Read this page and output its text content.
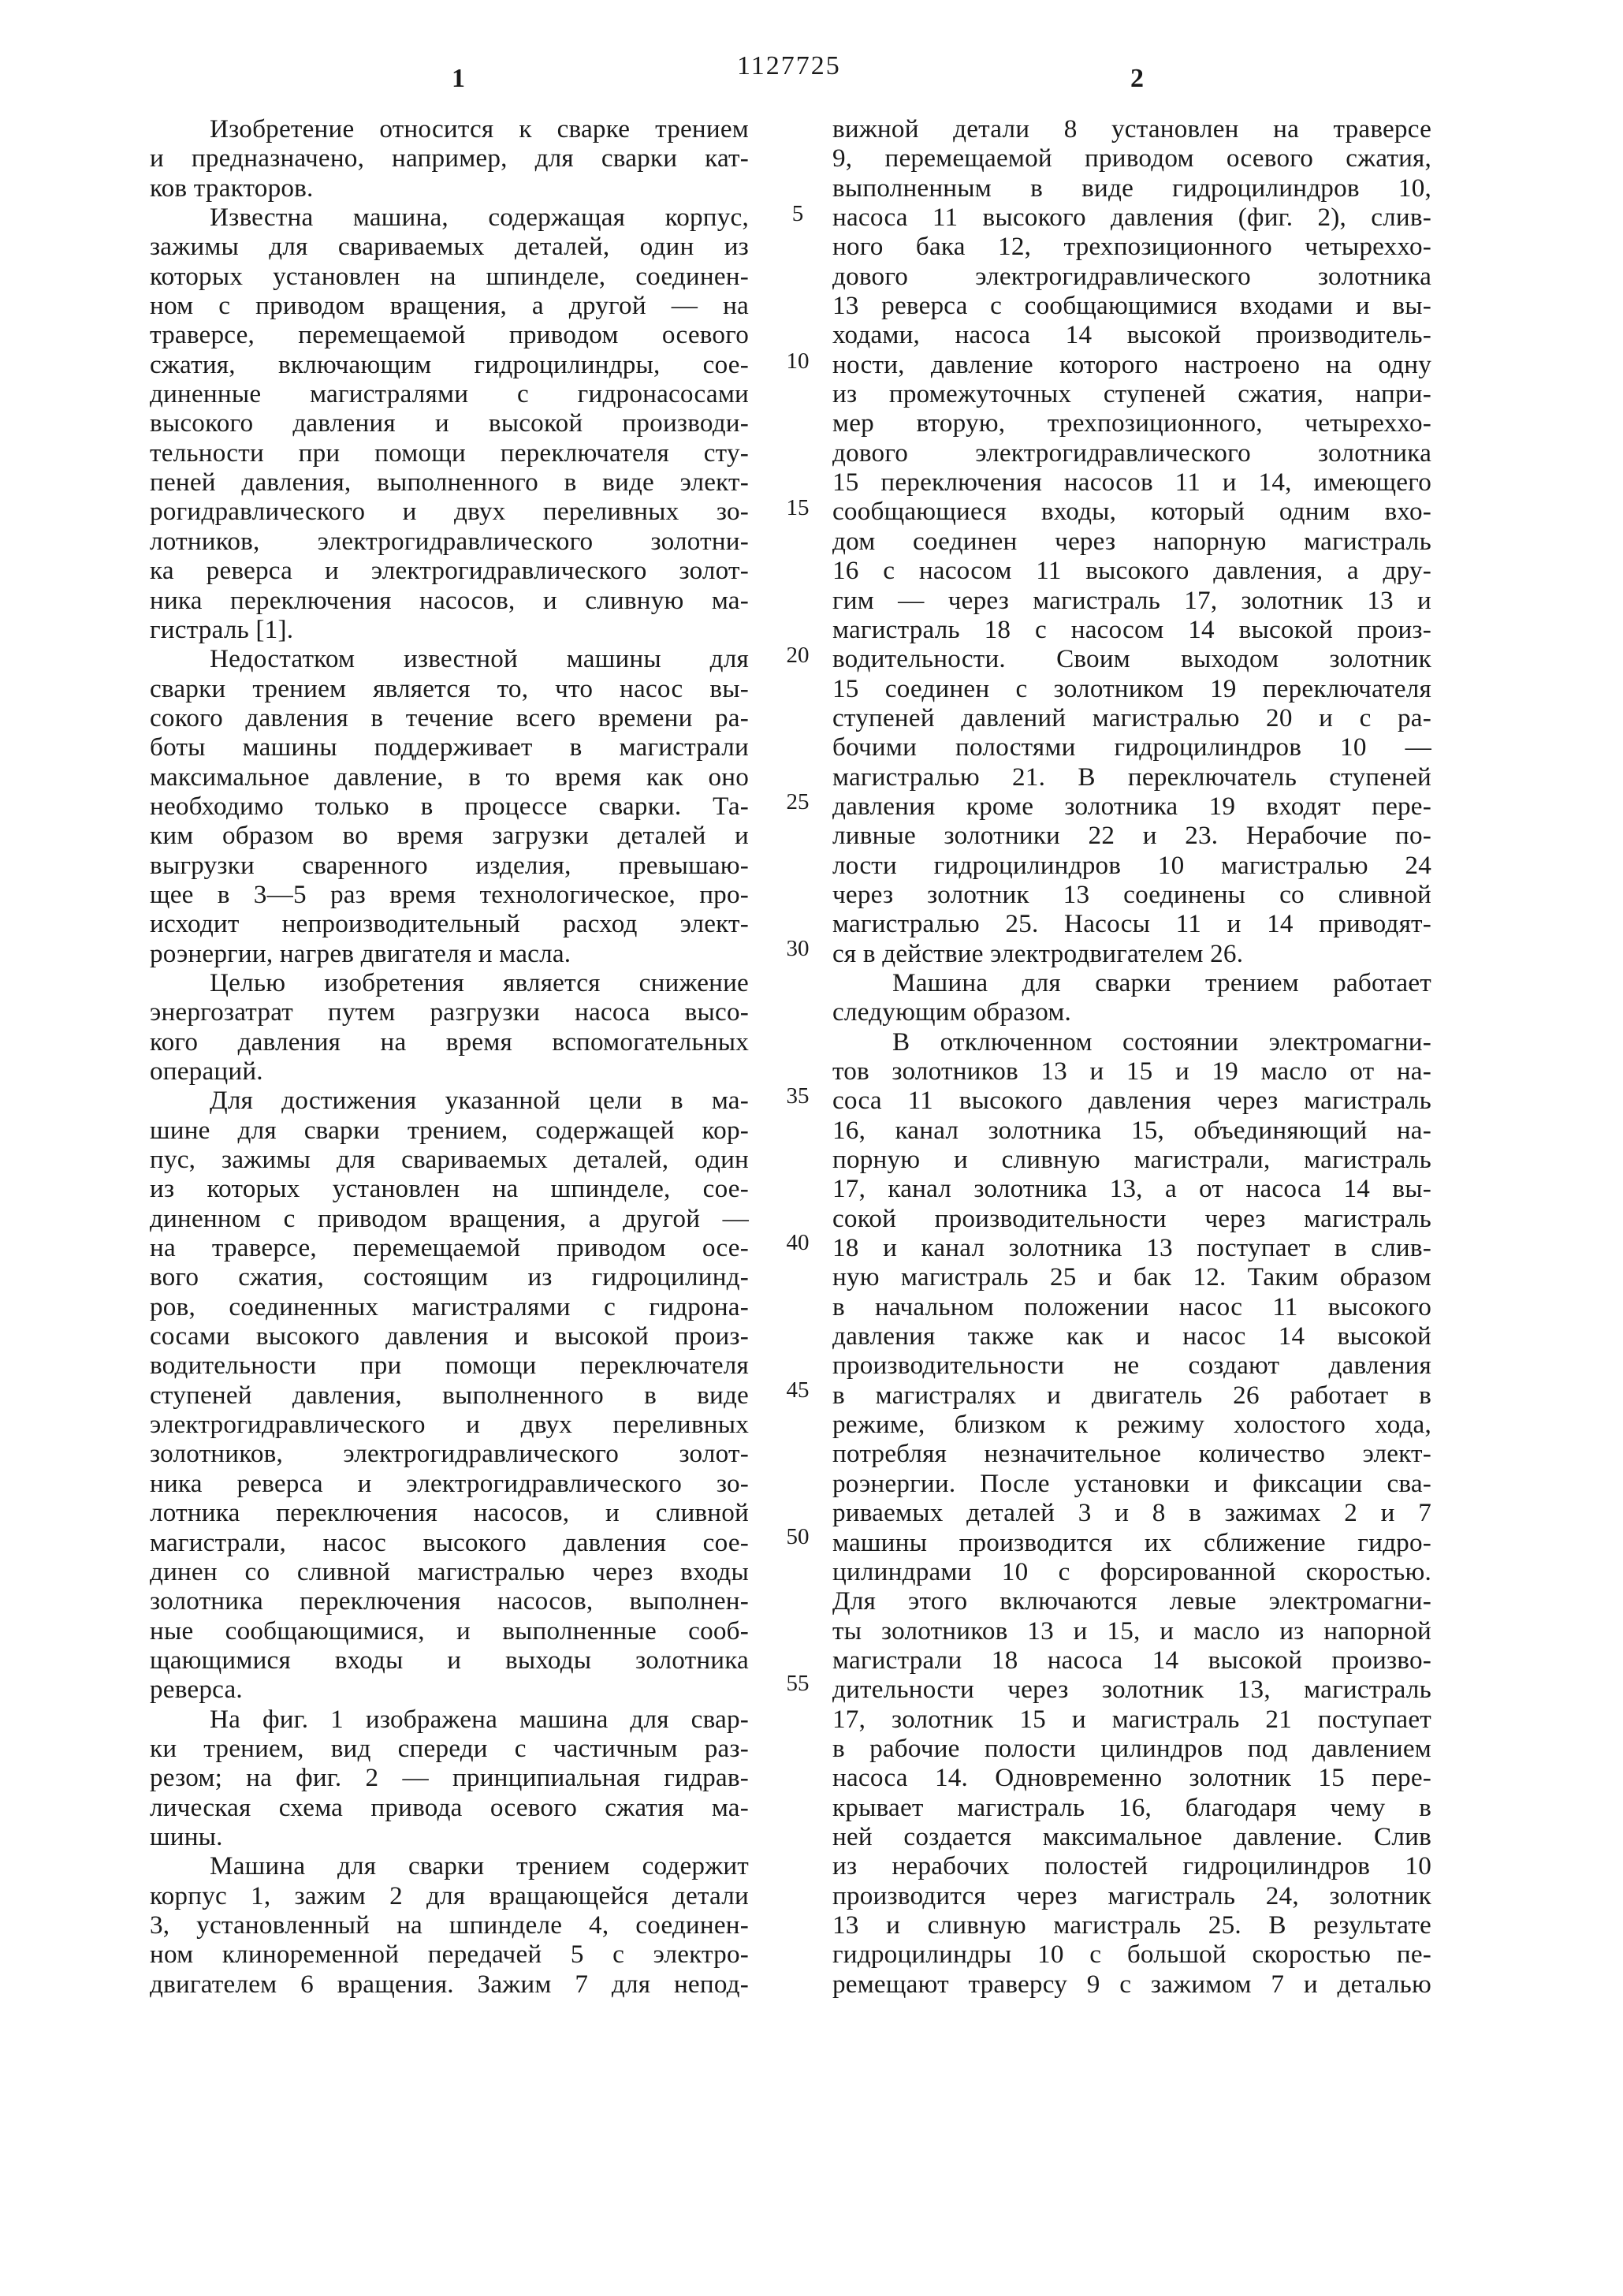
1	1127725	2
Изобретение относится к сварке трением
и предназначено, например, для сварки кат-
ков тракторов.
Известна машина, содержащая корпус,
зажимы для свариваемых деталей, один из
которых установлен на шпинделе, соединен-
ном с приводом вращения, а другой — на
траверсе, перемещаемой приводом осевого
сжатия, включающим гидроцилиндры, сое-
диненные магистралями с гидронасосами
высокого давления и высокой производи-
тельности при помощи переключателя сту-
пеней давления, выполненного в виде элект-
рогидравлического и двух переливных зо-
лотников, электрогидравлического золотни-
ка реверса и электрогидравлического золот-
ника переключения насосов, и сливную ма-
гистраль [1].
Недостатком известной машины для
сварки трением является то, что насос вы-
сокого давления в течение всего времени ра-
боты машины поддерживает в магистрали
максимальное давление, в то время как оно
необходимо только в процессе сварки. Та-
ким образом во время загрузки деталей и
выгрузки сваренного изделия, превышаю-
щее в 3—5 раз время технологическое, про-
исходит непроизводительный расход элект-
роэнергии, нагрев двигателя и масла.
Целью изобретения является снижение
энергозатрат путем разгрузки насоса высо-
кого давления на время вспомогательных
операций.
Для достижения указанной цели в ма-
шине для сварки трением, содержащей кор-
пус, зажимы для свариваемых деталей, один
из которых установлен на шпинделе, сое-
диненном с приводом вращения, а другой —
на траверсе, перемещаемой приводом осе-
вого сжатия, состоящим из гидроцилинд-
ров, соединенных магистралями с гидрона-
сосами высокого давления и высокой произ-
водительности при помощи переключателя
ступеней давления, выполненного в виде
электрогидравлического и двух переливных
золотников, электрогидравлического золот-
ника реверса и электрогидравлического зо-
лотника переключения насосов, и сливной
магистрали, насос высокого давления сое-
динен со сливной магистралью через входы
золотника переключения насосов, выполнен-
ные сообщающимися, и выполненные сооб-
щающимися входы и выходы золотника
реверса.
На фиг. 1 изображена машина для свар-
ки трением, вид спереди с частичным раз-
резом; на фиг. 2 — принципиальная гидрав-
лическая схема привода осевого сжатия ма-
шины.
Машина для сварки трением содержит
корпус 1, зажим 2 для вращающейся детали
3, установленный на шпинделе 4, соединен-
ном клиноременной передачей 5 с электро-
двигателем 6 вращения. Зажим 7 для непод-
вижной детали 8 установлен на траверсе
9, перемещаемой приводом осевого сжатия,
выполненным в виде гидроцилиндров 10,
насоса 11 высокого давления (фиг. 2), слив-
ного бака 12, трехпозиционного четыреххо-
дового электрогидравлического золотника
13 реверса с сообщающимися входами и вы-
ходами, насоса 14 высокой производитель-
ности, давление которого настроено на одну
из промежуточных ступеней сжатия, напри-
мер вторую, трехпозиционного, четыреххо-
дового электрогидравлического золотника
15 переключения насосов 11 и 14, имеющего
сообщающиеся входы, который одним вхо-
дом соединен через напорную магистраль
16 с насосом 11 высокого давления, а дру-
гим — через магистраль 17, золотник 13 и
магистраль 18 с насосом 14 высокой произ-
водительности. Своим выходом золотник
15 соединен с золотником 19 переключателя
ступеней давлений магистралью 20 и с ра-
бочими полостями гидроцилиндров 10 —
магистралью 21. В переключатель ступеней
давления кроме золотника 19 входят пере-
ливные золотники 22 и 23. Нерабочие по-
лости гидроцилиндров 10 магистралью 24
через золотник 13 соединены со сливной
магистралью 25. Насосы 11 и 14 приводят-
ся в действие электродвигателем 26.
Машина для сварки трением работает
следующим образом.
В отключенном состоянии электромагни-
тов золотников 13 и 15 и 19 масло от на-
соса 11 высокого давления через магистраль
16, канал золотника 15, объединяющий на-
порную и сливную магистрали, магистраль
17, канал золотника 13, а от насоса 14 вы-
сокой производительности через магистраль
18 и канал золотника 13 поступает в слив-
ную магистраль 25 и бак 12. Таким образом
в начальном положении насос 11 высокого
давления также как и насос 14 высокой
производительности не создают давления
в магистралях и двигатель 26 работает в
режиме, близком к режиму холостого хода,
потребляя незначительное количество элект-
роэнергии. После установки и фиксации сва-
риваемых деталей 3 и 8 в зажимах 2 и 7
машины производится их сближение гидро-
цилиндрами 10 с форсированной скоростью.
Для этого включаются левые электромагни-
ты золотников 13 и 15, и масло из напорной
магистрали 18 насоса 14 высокой произво-
дительности через золотник 13, магистраль
17, золотник 15 и магистраль 21 поступает
в рабочие полости цилиндров под давлением
насоса 14. Одновременно золотник 15 пере-
крывает магистраль 16, благодаря чему в
ней создается максимальное давление. Слив
из нерабочих полостей гидроцилиндров 10
производится через магистраль 24, золотник
13 и сливную магистраль 25. В результате
гидроцилиндры 10 с большой скоростью пе-
ремещают траверсу 9 с зажимом 7 и деталью
5
10
15
20
25
30
35
40
45
50
55
